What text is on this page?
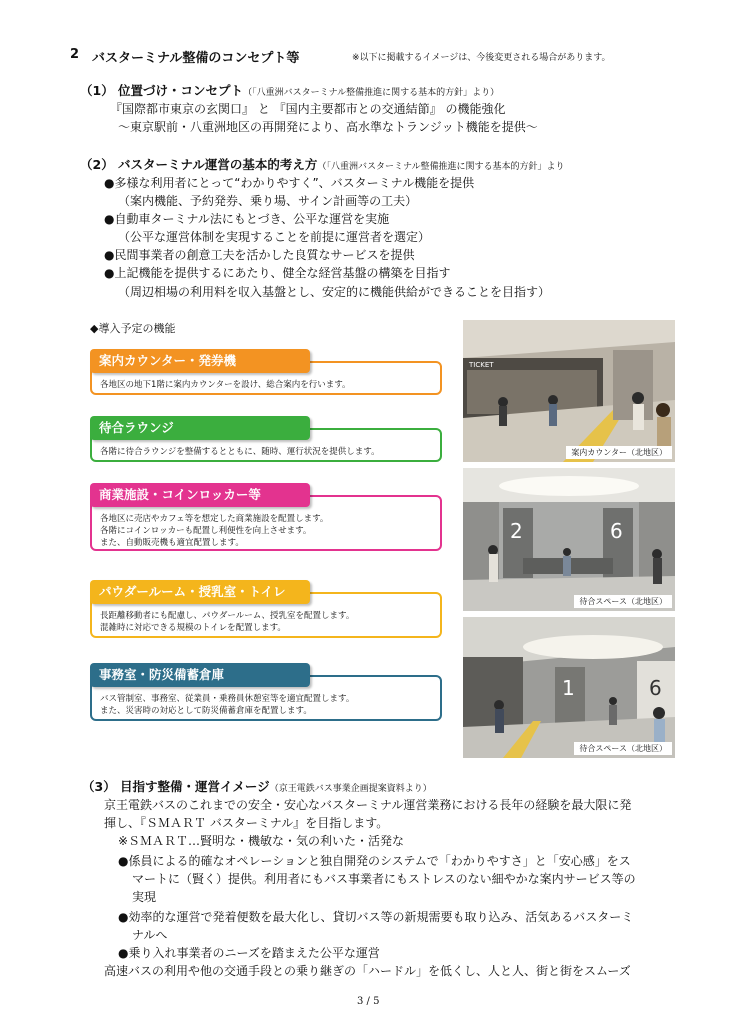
2 バスターミナル整備のコンセプト等	※以下に掲載するイメージは、今後変更される場合があります。
（1） 位置づけ・コンセプト（「八重洲バスターミナル整備推進に関する基本的方針」より）
『国際都市東京の玄関口』 と 『国内主要都市との交通結節』 の機能強化
～東京駅前・八重洲地区の再開発により、高水準なトランジット機能を提供～
（2） バスターミナル運営の基本的考え方（「八重洲バスターミナル整備推進に関する基本的方針」より
●多様な利用者にとって“わかりやすく”、バスターミナル機能を提供
（案内機能、予約発券、乗り場、サイン計画等の工夫）
●自動車ターミナル法にもとづき、公平な運営を実施
（公平な運営体制を実現することを前提に運営者を選定）
●民間事業者の創意工夫を活かした良質なサービスを提供
●上記機能を提供するにあたり、健全な経営基盤の構築を目指す
（周辺相場の利用料を収入基盤とし、安定的に機能供給ができることを目指す）
◆導入予定の機能
案内カウンター・発券機
各地区の地下1階に案内カウンターを設け、総合案内を行います。
待合ラウンジ
各階に待合ラウンジを整備するとともに、随時、運行状況を提供します。
商業施設・コインロッカー等
各地区に売店やカフェ等を想定した商業施設を配置します。
各階にコインロッカーも配置し利便性を向上させます。
また、自動販売機も適宜配置します。
パウダールーム・授乳室・トイレ
長距離移動者にも配慮し、パウダールーム、授乳室を配置します。
混雑時に対応できる規模のトイレを配置します。
事務室・防災備蓄倉庫
バス管制室、事務室、従業員・乗務員休憩室等を適宜配置します。
また、災害時の対応として防災備蓄倉庫を配置します。
TICKET
案内カウンター（北地区）
2	6
待合スペース（北地区）
1	6
待合スペース（北地区）
（3） 目指す整備・運営イメージ（京王電鉄バス事業企画提案資料より）
京王電鉄バスのこれまでの安全・安心なバスターミナル運営業務における長年の経験を最大限に発
揮し、『ＳＭＡＲＴ バスターミナル』を目指します。
※ＳＭＡＲＴ…賢明な・機敏な・気の利いた・活発な
●係員による的確なオペレーションと独自開発のシステムで「わかりやすさ」と「安心感」をス
マートに（賢く）提供。利用者にもバス事業者にもストレスのない細やかな案内サービス等の
実現
●効率的な運営で発着便数を最大化し、貸切バス等の新規需要も取り込み、活気あるバスターミ
ナルへ
●乗り入れ事業者のニーズを踏まえた公平な運営
高速バスの利用や他の交通手段との乗り継ぎの「ハードル」を低くし、人と人、街と街をスムーズ
3 / 5
